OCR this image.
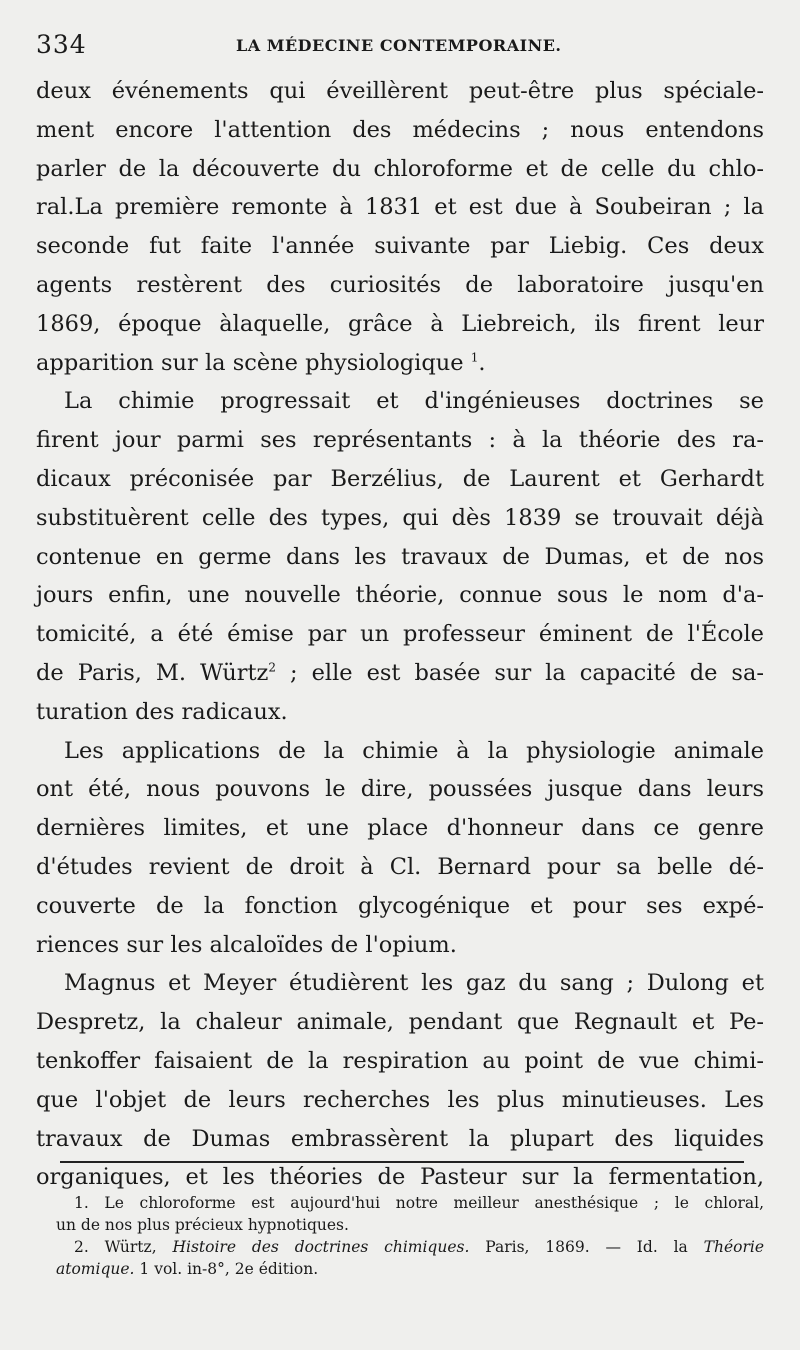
334	LA MÉDECINE CONTEMPORAINE.
deux événements qui éveillèrent peut-être plus spéciale-
ment encore l'attention des médecins ; nous entendons
parler de la découverte du chloroforme et de celle du chlo-
ral.La première remonte à 1831 et est due à Soubeiran ; la
seconde fut faite l'année suivante par Liebig. Ces deux
agents restèrent des curiosités de laboratoire jusqu'en
1869, époque àlaquelle, grâce à Liebreich, ils firent leur
apparition sur la scène physiologique $^1$.
La chimie progressait et d'ingénieuses doctrines se
firent jour parmi ses représentants : à la théorie des ra-
dicaux préconisée par Berzélius, de Laurent et Gerhardt
substituèrent celle des types, qui dès 1839 se trouvait déjà
contenue en germe dans les travaux de Dumas, et de nos
jours enfin, une nouvelle théorie, connue sous le nom d'a-
tomicité, a été émise par un professeur éminent de l'École
de Paris, M. Würtz$^2$ ; elle est basée sur la capacité de sa-
turation des radicaux.
Les applications de la chimie à la physiologie animale
ont été, nous pouvons le dire, poussées jusque dans leurs
dernières limites, et une place d'honneur dans ce genre
d'études revient de droit à Cl. Bernard pour sa belle dé-
couverte de la fonction glycogénique et pour ses expé-
riences sur les alcaloïdes de l'opium.
Magnus et Meyer étudièrent les gaz du sang ; Dulong et
Despretz, la chaleur animale, pendant que Regnault et Pe-
tenkoffer faisaient de la respiration au point de vue chimi-
que l'objet de leurs recherches les plus minutieuses. Les
travaux de Dumas embrassèrent la plupart des liquides
organiques, et les théories de Pasteur sur la fermentation,
1. Le chloroforme est aujourd'hui notre meilleur anesthésique ; le chloral,
un de nos plus précieux hypnotiques.
2. Würtz, Histoire des doctrines chimiques. Paris, 1869. — Id. la Théorie
atomique. 1 vol. in-8°, 2e édition.
